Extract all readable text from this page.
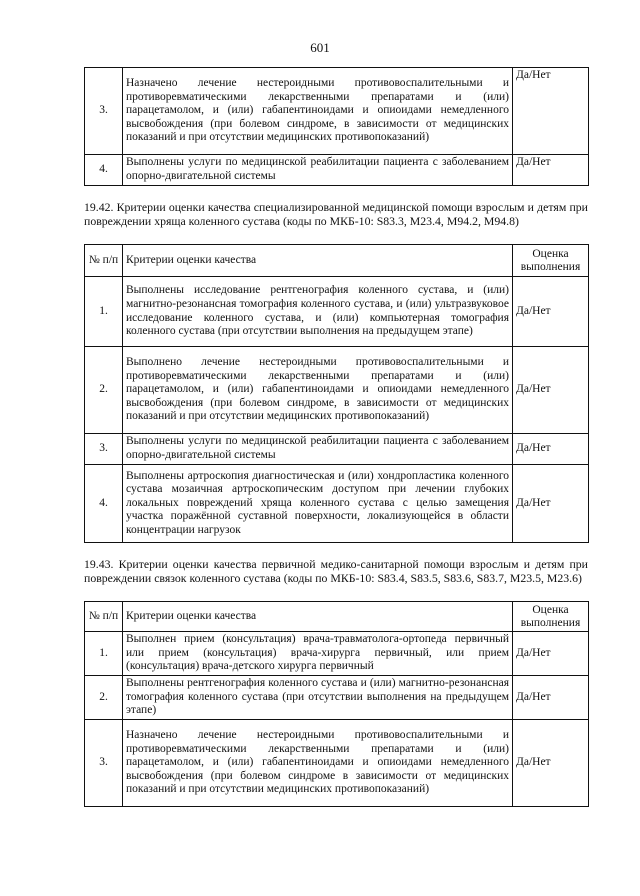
601
3.	Назначено лечение нестероидными противовоспалительными и противоревматическими лекарственными препаратами и (или) парацетамолом, и (или) габапентиноидами и опиоидами немедленного высвобождения (при болевом синдроме, в зависимости от медицинских показаний и при отсутствии медицинских противопоказаний)	Да/Нет
4.	Выполнены услуги по медицинской реабилитации пациента с заболеванием опорно-двигательной системы	Да/Нет
19.42. Критерии оценки качества специализированной медицинской помощи взрослым и детям при повреждении хряща коленного сустава (коды по МКБ-10: S83.3, M23.4, M94.2, M94.8)
№ п/п	Критерии оценки качества	Оценка выполнения
1.	Выполнены исследование рентгенография коленного сустава, и (или) магнитно-резонансная томография коленного сустава, и (или) ультразвуковое исследование коленного сустава, и (или) компьютерная томография коленного сустава (при отсутствии выполнения на предыдущем этапе)	Да/Нет
2.	Выполнено лечение нестероидными противовоспалительными и противоревматическими лекарственными препаратами и (или) парацетамолом, и (или) габапентиноидами и опиоидами немедленного высвобождения (при болевом синдроме, в зависимости от медицинских показаний и при отсутствии медицинских противопоказаний)	Да/Нет
3.	Выполнены услуги по медицинской реабилитации пациента с заболеванием опорно-двигательной системы	Да/Нет
4.	Выполнены артроскопия диагностическая и (или) хондропластика коленного сустава мозаичная артроскопическим доступом при лечении глубоких локальных повреждений хряща коленного сустава с целью замещения участка поражённой суставной поверхности, локализующейся в области концентрации нагрузок	Да/Нет
19.43. Критерии оценки качества первичной медико-санитарной помощи взрослым и детям при повреждении связок коленного сустава (коды по МКБ-10: S83.4, S83.5, S83.6, S83.7, M23.5, M23.6)
№ п/п	Критерии оценки качества	Оценка выполнения
1.	Выполнен прием (консультация) врача-травматолога-ортопеда первичный или прием (консультация) врача-хирурга первичный, или прием (консультация) врача-детского хирурга первичный	Да/Нет
2.	Выполнены рентгенография коленного сустава и (или) магнитно-резонансная томография коленного сустава (при отсутствии выполнения на предыдущем этапе)	Да/Нет
3.	Назначено лечение нестероидными противовоспалительными и противоревматическими лекарственными препаратами и (или) парацетамолом, и (или) габапентиноидами и опиоидами немедленного высвобождения (при болевом синдроме в зависимости от медицинских показаний и при отсутствии медицинских противопоказаний)	Да/Нет
